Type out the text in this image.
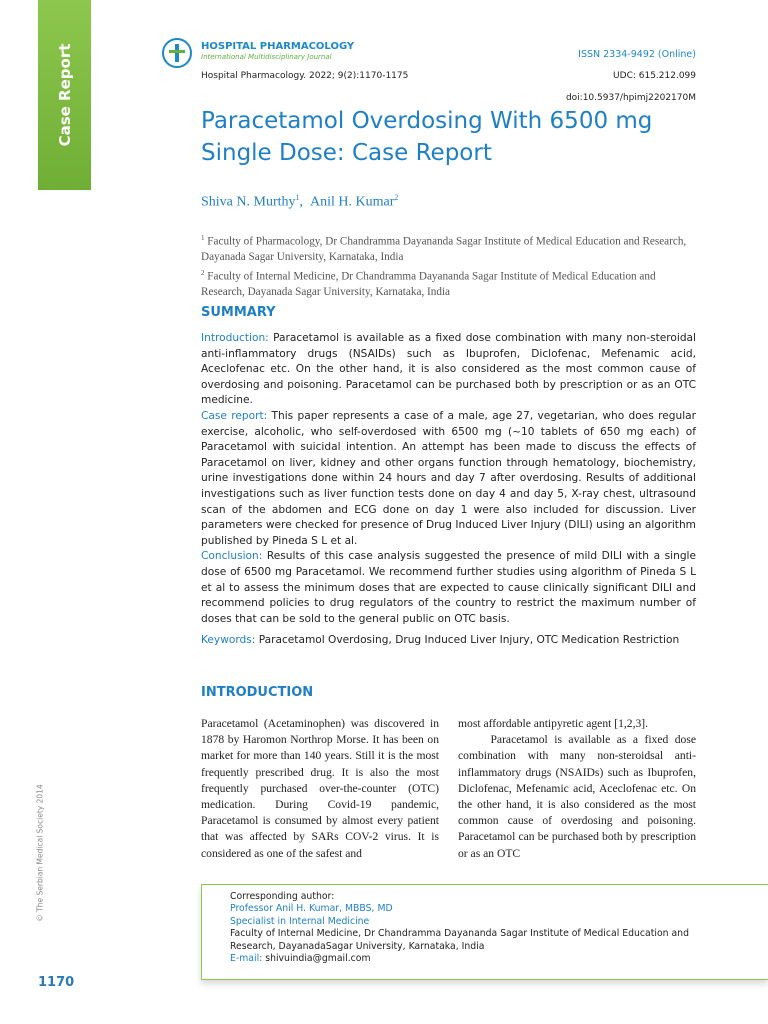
Case Report
© The Serbian Medical Society 2014
1170
HOSPITAL PHARMACOLOGY
International Multidisciplinary Journal	ISSN 2334-9492 (Online)
Hospital Pharmacology. 2022; 9(2):1170-1175	UDC: 615.212.099
doi:10.5937/hpimj2202170M
Paracetamol Overdosing With 6500 mg Single Dose: Case Report
Shiva N. Murthy$^1$, Anil H. Kumar$^2$

$^1$ Faculty of Pharmacology, Dr Chandramma Dayananda Sagar Institute of Medical Education and Research, Dayanada Sagar University, Karnataka, India

$^2$ Faculty of Internal Medicine, Dr Chandramma Dayananda Sagar Institute of Medical Education and Research, Dayanada Sagar University, Karnataka, India

SUMMARY

Introduction: Paracetamol is available as a fixed dose combination with many non-steroidal anti-inflammatory drugs (NSAIDs) such as Ibuprofen, Diclofenac, Mefenamic acid, Aceclofenac etc. On the other hand, it is also considered as the most common cause of overdosing and poisoning. Paracetamol can be purchased both by prescription or as an OTC medicine.

Case report: This paper represents a case of a male, age 27, vegetarian, who does regular exercise, alcoholic, who self-overdosed with 6500 mg (~10 tablets of 650 mg each) of Paracetamol with suicidal intention. An attempt has been made to discuss the effects of Paracetamol on liver, kidney and other organs function through hematology, biochemistry, urine investigations done within 24 hours and day 7 after overdosing. Results of additional investigations such as liver function tests done on day 4 and day 5, X-ray chest, ultrasound scan of the abdomen and ECG done on day 1 were also included for discussion. Liver parameters were checked for presence of Drug Induced Liver Injury (DILI) using an algorithm published by Pineda S L et al.

Conclusion: Results of this case analysis suggested the presence of mild DILI with a single dose of 6500 mg Paracetamol. We recommend further studies using algorithm of Pineda S L et al to assess the minimum doses that are expected to cause clinically significant DILI and recommend policies to drug regulators of the country to restrict the maximum number of doses that can be sold to the general public on OTC basis.

Keywords: Paracetamol Overdosing, Drug Induced Liver Injury, OTC Medication Restriction
INTRODUCTION

Paracetamol (Acetaminophen) was discovered in 1878 by Haromon Northrop Morse. It has been on market for more than 140 years. Still it is the most frequently prescribed drug. It is also the most frequently purchased over-the-counter (OTC) medication. During Covid-19 pandemic, Paracetamol is consumed by almost every patient that was affected by SARs COV-2 virus. It is considered as one of the safest and

most affordable antipyretic agent [1,2,3].

Paracetamol is available as a fixed dose combination with many non-steroidsal anti-inflammatory drugs (NSAIDs) such as Ibuprofen, Diclofenac, Mefenamic acid, Aceclofenac etc. On the other hand, it is also considered as the most common cause of overdosing and poisoning. Paracetamol can be purchased both by prescription or as an OTC

Corresponding author:
Professor Anil H. Kumar, MBBS, MD
Specialist in Internal Medicine
Faculty of Internal Medicine, Dr Chandramma Dayananda Sagar Institute of Medical Education and
Research, DayanadaSagar University, Karnataka, India
E-mail: shivuindia@gmail.com
